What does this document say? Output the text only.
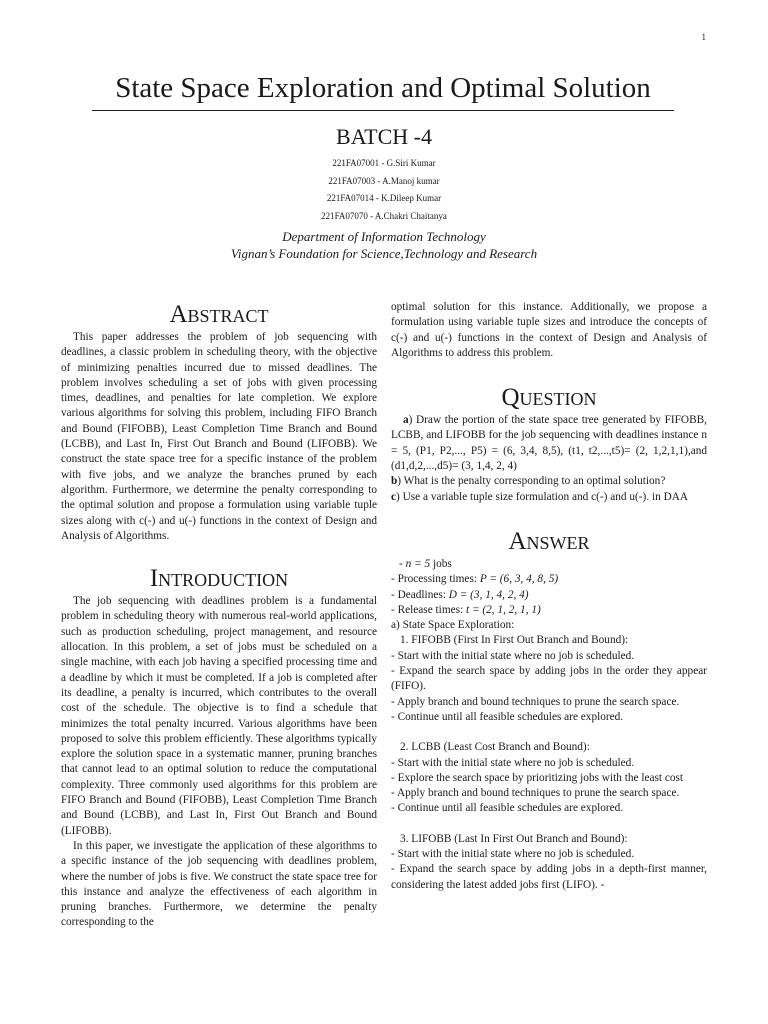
1
State Space Exploration and Optimal Solution
BATCH -4
221FA07001 - G.Siri Kumar
221FA07003 - A.Manoj kumar
221FA07014 - K.Dileep Kumar
221FA07070 - A.Chakri Chaitanya
Department of Information Technology
Vignan’s Foundation for Science,Technology and Research
Abstract

This paper addresses the problem of job sequencing with deadlines, a classic problem in scheduling theory, with the objective of minimizing penalties incurred due to missed deadlines. The problem involves scheduling a set of jobs with given processing times, deadlines, and penalties for late completion. We explore various algorithms for solving this problem, including FIFO Branch and Bound (FIFOBB), Least Completion Time Branch and Bound (LCBB), and Last In, First Out Branch and Bound (LIFOBB). We construct the state space tree for a specific instance of the problem with five jobs, and we analyze the branches pruned by each algorithm. Furthermore, we determine the penalty corresponding to the optimal solution and propose a formulation using variable tuple sizes along with c(-) and u(-) functions in the context of Design and Analysis of Algorithms.

Introduction

The job sequencing with deadlines problem is a fundamental problem in scheduling theory with numerous real-world applications, such as production scheduling, project management, and resource allocation. In this problem, a set of jobs must be scheduled on a single machine, with each job having a specified processing time and a deadline by which it must be completed. If a job is completed after its deadline, a penalty is incurred, which contributes to the overall cost of the schedule. The objective is to find a schedule that minimizes the total penalty incurred. Various algorithms have been proposed to solve this problem efficiently. These algorithms typically explore the solution space in a systematic manner, pruning branches that cannot lead to an optimal solution to reduce the computational complexity. Three commonly used algorithms for this problem are FIFO Branch and Bound (FIFOBB), Least Completion Time Branch and Bound (LCBB), and Last In, First Out Branch and Bound (LIFOBB).

In this paper, we investigate the application of these algorithms to a specific instance of the job sequencing with deadlines problem, where the number of jobs is five. We construct the state space tree for this instance and analyze the effectiveness of each algorithm in pruning branches. Furthermore, we determine the penalty corresponding to the

optimal solution for this instance. Additionally, we propose a formulation using variable tuple sizes and introduce the concepts of c(-) and u(-) functions in the context of Design and Analysis of Algorithms to address this problem.

Question

a) Draw the portion of the state space tree generated by FIFOBB, LCBB, and LIFOBB for the job sequencing with deadlines instance n = 5, (P1, P2,..., P5) = (6, 3,4, 8,5), (t1, t2,...,t5)= (2, 1,2,1,1),and (d1,d,2,...,d5)= (3, 1,4, 2, 4)

b) What is the penalty corresponding to an optimal solution?

c) Use a variable tuple size formulation and c(-) and u(-). in DAA

Answer

- n = 5 jobs

- Processing times: P = (6, 3, 4, 8, 5)

- Deadlines: D = (3, 1, 4, 2, 4)

- Release times: t = (2, 1, 2, 1, 1)

a) State Space Exploration:

1. FIFOBB (First In First Out Branch and Bound):

- Start with the initial state where no job is scheduled.

- Expand the search space by adding jobs in the order they appear (FIFO).

- Apply branch and bound techniques to prune the search space.

- Continue until all feasible schedules are explored.

2. LCBB (Least Cost Branch and Bound):

- Start with the initial state where no job is scheduled.

- Explore the search space by prioritizing jobs with the least cost

- Apply branch and bound techniques to prune the search space.

- Continue until all feasible schedules are explored.

3. LIFOBB (Last In First Out Branch and Bound):

- Start with the initial state where no job is scheduled.

- Expand the search space by adding jobs in a depth-first manner, considering the latest added jobs first (LIFO). -
